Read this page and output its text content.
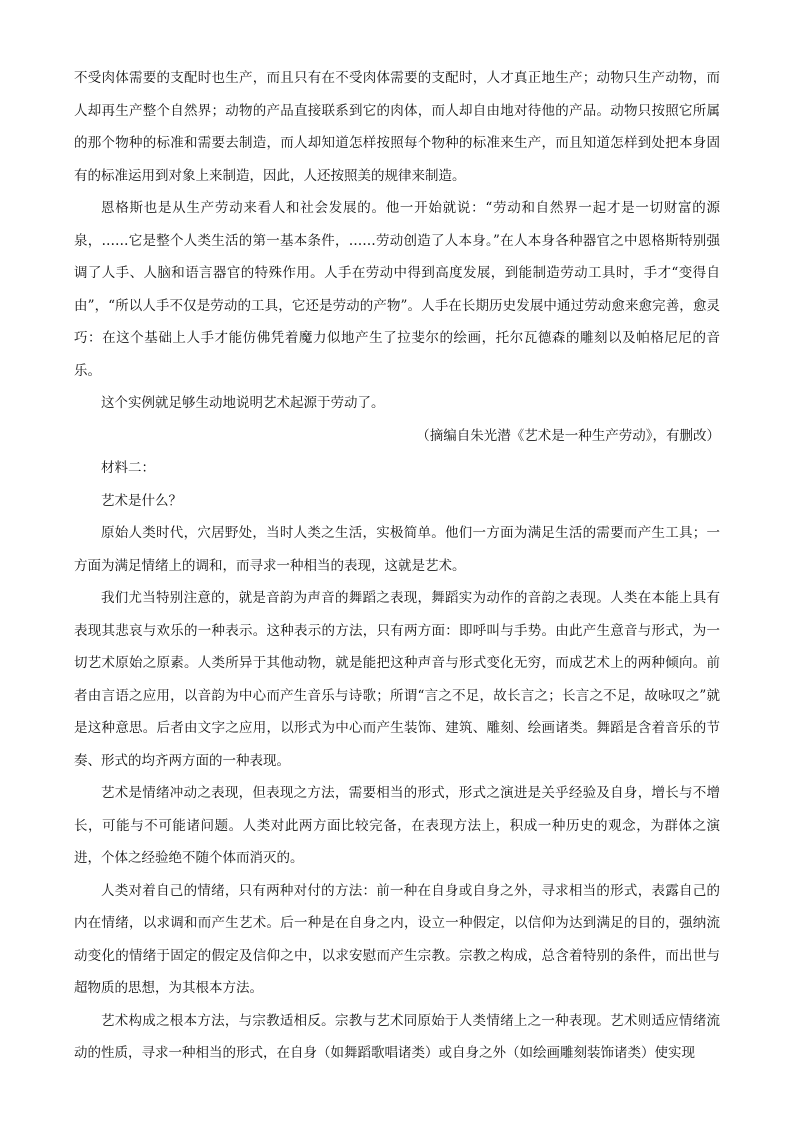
不受肉体需要的支配时也生产，而且只有在不受肉体需要的支配时，人才真正地生产；动物只生产动物，而人却再生产整个自然界；动物的产品直接联系到它的肉体，而人却自由地对待他的产品。动物只按照它所属的那个物种的标准和需要去制造，而人却知道怎样按照每个物种的标准来生产，而且知道怎样到处把本身固有的标准运用到对象上来制造，因此，人还按照美的规律来制造。

恩格斯也是从生产劳动来看人和社会发展的。他一开始就说：“劳动和自然界一起才是一切财富的源泉，……它是整个人类生活的第一基本条件，……劳动创造了人本身。”在人本身各种器官之中恩格斯特别强调了人手、人脑和语言器官的特殊作用。人手在劳动中得到高度发展，到能制造劳动工具时，手才“变得自由”，“所以人手不仅是劳动的工具，它还是劳动的产物”。人手在长期历史发展中通过劳动愈来愈完善，愈灵巧：在这个基础上人手才能仿佛凭着魔力似地产生了拉斐尔的绘画，托尔瓦德森的雕刻以及帕格尼尼的音乐。

这个实例就足够生动地说明艺术起源于劳动了。

（摘编自朱光潜《艺术是一种生产劳动》，有删改）

材料二：

艺术是什么？

原始人类时代，穴居野处，当时人类之生活，实极简单。他们一方面为满足生活的需要而产生工具；一方面为满足情绪上的调和，而寻求一种相当的表现，这就是艺术。

我们尤当特别注意的，就是音韵为声音的舞蹈之表现，舞蹈实为动作的音韵之表现。人类在本能上具有表现其悲哀与欢乐的一种表示。这种表示的方法，只有两方面：即呼叫与手势。由此产生意音与形式，为一切艺术原始之原素。人类所异于其他动物，就是能把这种声音与形式变化无穷，而成艺术上的两种倾向。前者由言语之应用，以音韵为中心而产生音乐与诗歌；所谓“言之不足，故长言之；长言之不足，故咏叹之”就是这种意思。后者由文字之应用，以形式为中心而产生装饰、建筑、雕刻、绘画诸类。舞蹈是含着音乐的节奏、形式的均齐两方面的一种表现。

艺术是情绪冲动之表现，但表现之方法，需要相当的形式，形式之演进是关乎经验及自身，增长与不增长，可能与不可能诸问题。人类对此两方面比较完备，在表现方法上，积成一种历史的观念，为群体之演进，个体之经验绝不随个体而消灭的。

人类对着自己的情绪，只有两种对付的方法：前一种在自身或自身之外，寻求相当的形式，表露自己的内在情绪，以求调和而产生艺术。后一种是在自身之内，设立一种假定，以信仰为达到满足的目的，强纳流动变化的情绪于固定的假定及信仰之中，以求安慰而产生宗教。宗教之构成，总含着特别的条件，而出世与超物质的思想，为其根本方法。

艺术构成之根本方法，与宗教适相反。宗教与艺术同原始于人类情绪上之一种表现。艺术则适应情绪流动的性质，寻求一种相当的形式，在自身（如舞蹈歌唱诸类）或自身之外（如绘画雕刻装饰诸类）使实现
